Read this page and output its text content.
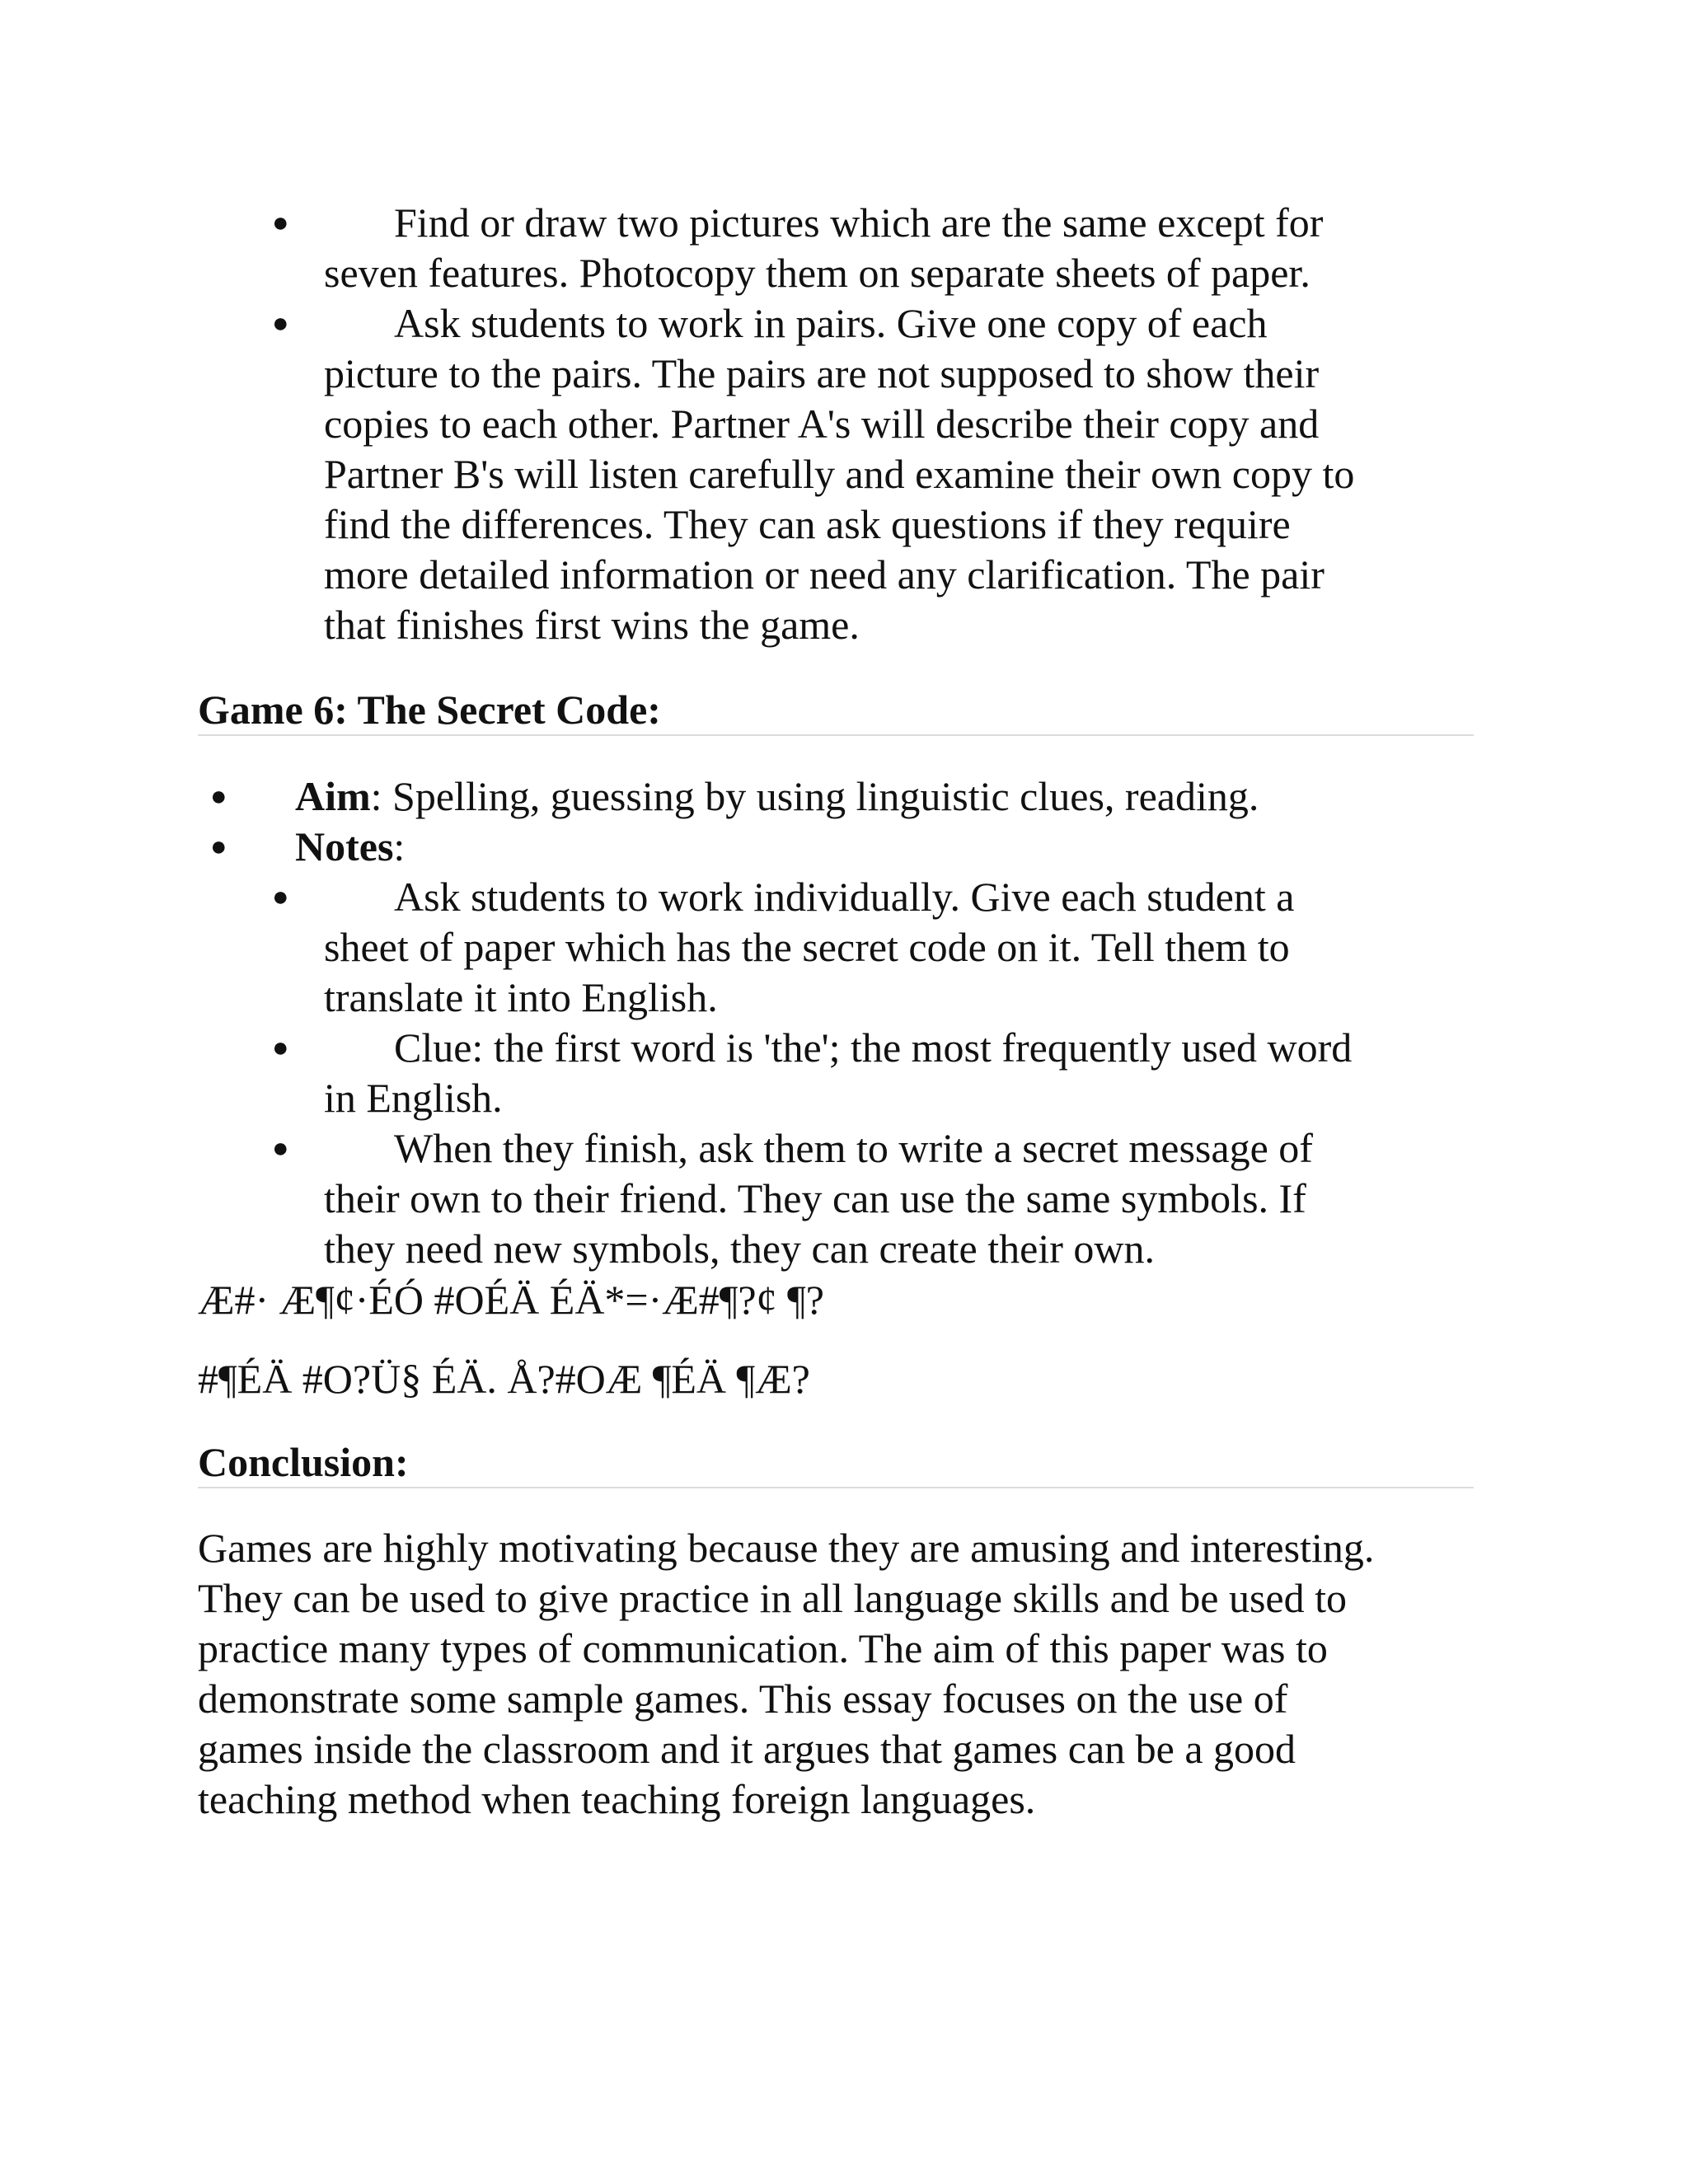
●	Find or draw two pictures which are the same except for
seven features. Photocopy them on separate sheets of paper.
●	Ask students to work in pairs. Give one copy of each
picture to the pairs. The pairs are not supposed to show their
copies to each other. Partner A's will describe their copy and
Partner B's will listen carefully and examine their own copy to
find the differences. They can ask questions if they require
more detailed information or need any clarification. The pair
that finishes first wins the game.
Game 6: The Secret Code:
● Aim: Spelling, guessing by using linguistic clues, reading.
● Notes:
●	Ask students to work individually. Give each student a
sheet of paper which has the secret code on it. Tell them to
translate it into English.
●	Clue: the first word is 'the'; the most frequently used word
in English.
●	When they finish, ask them to write a secret message of
their own to their friend. They can use the same symbols. If
they need new symbols, they can create their own.
Æ#· Æ¶¢·ÉÓ #OÉÄ ÉÄ*=·Æ#¶?¢ ¶?
#¶ÉÄ #O?Ü§ ÉÄ. Å?#OÆ ¶ÉÄ ¶Æ?
Conclusion:
Games are highly motivating because they are amusing and interesting.
They can be used to give practice in all language skills and be used to
practice many types of communication. The aim of this paper was to
demonstrate some sample games. This essay focuses on the use of
games inside the classroom and it argues that games can be a good
teaching method when teaching foreign languages.
